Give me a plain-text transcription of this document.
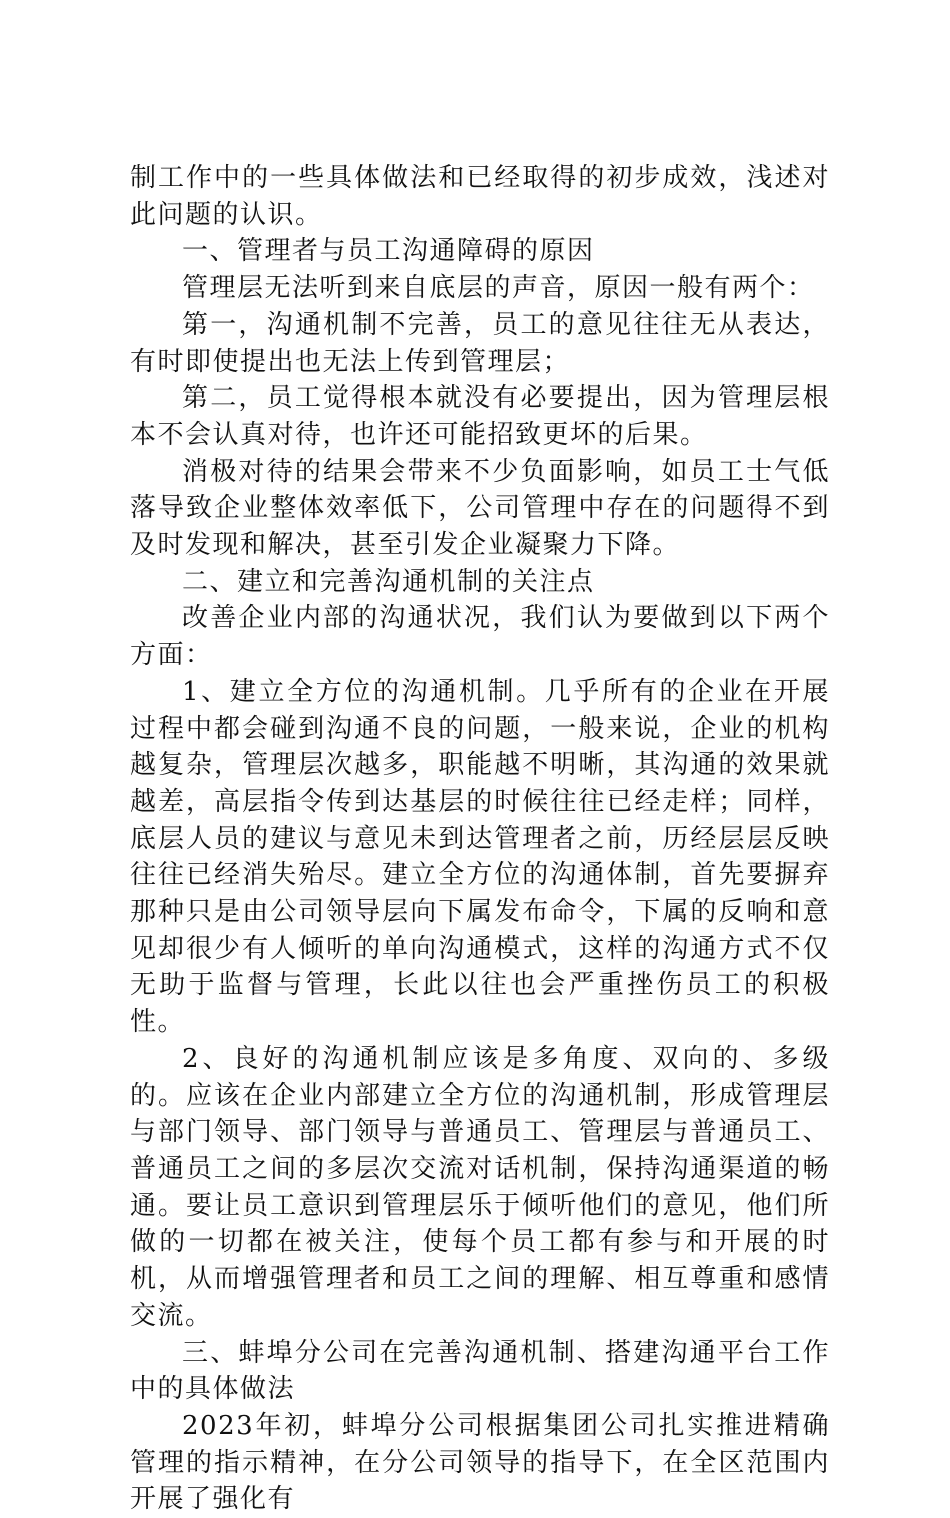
制工作中的一些具体做法和已经取得的初步成效，浅述对此问题的认识。

一、管理者与员工沟通障碍的原因

管理层无法听到来自底层的声音，原因一般有两个：

第一，沟通机制不完善，员工的意见往往无从表达，有时即使提出也无法上传到管理层；

第二，员工觉得根本就没有必要提出，因为管理层根本不会认真对待，也许还可能招致更坏的后果。

消极对待的结果会带来不少负面影响，如员工士气低落导致企业整体效率低下，公司管理中存在的问题得不到及时发现和解决，甚至引发企业凝聚力下降。

二、建立和完善沟通机制的关注点

改善企业内部的沟通状况，我们认为要做到以下两个方面：

1、建立全方位的沟通机制。几乎所有的企业在开展过程中都会碰到沟通不良的问题，一般来说，企业的机构越复杂，管理层次越多，职能越不明晰，其沟通的效果就越差，高层指令传到达基层的时候往往已经走样；同样，底层人员的建议与意见未到达管理者之前，历经层层反映往往已经消失殆尽。建立全方位的沟通体制，首先要摒弃那种只是由公司领导层向下属发布命令，下属的反响和意见却很少有人倾听的单向沟通模式，这样的沟通方式不仅无助于监督与管理，长此以往也会严重挫伤员工的积极性。

2、良好的沟通机制应该是多角度、双向的、多级的。应该在企业内部建立全方位的沟通机制，形成管理层与部门领导、部门领导与普通员工、管理层与普通员工、普通员工之间的多层次交流对话机制，保持沟通渠道的畅通。要让员工意识到管理层乐于倾听他们的意见，他们所做的一切都在被关注，使每个员工都有参与和开展的时机，从而增强管理者和员工之间的理解、相互尊重和感情交流。

三、蚌埠分公司在完善沟通机制、搭建沟通平台工作中的具体做法

2023年初，蚌埠分公司根据集团公司扎实推进精确管理的指示精神，在分公司领导的指导下，在全区范围内开展了强化有
